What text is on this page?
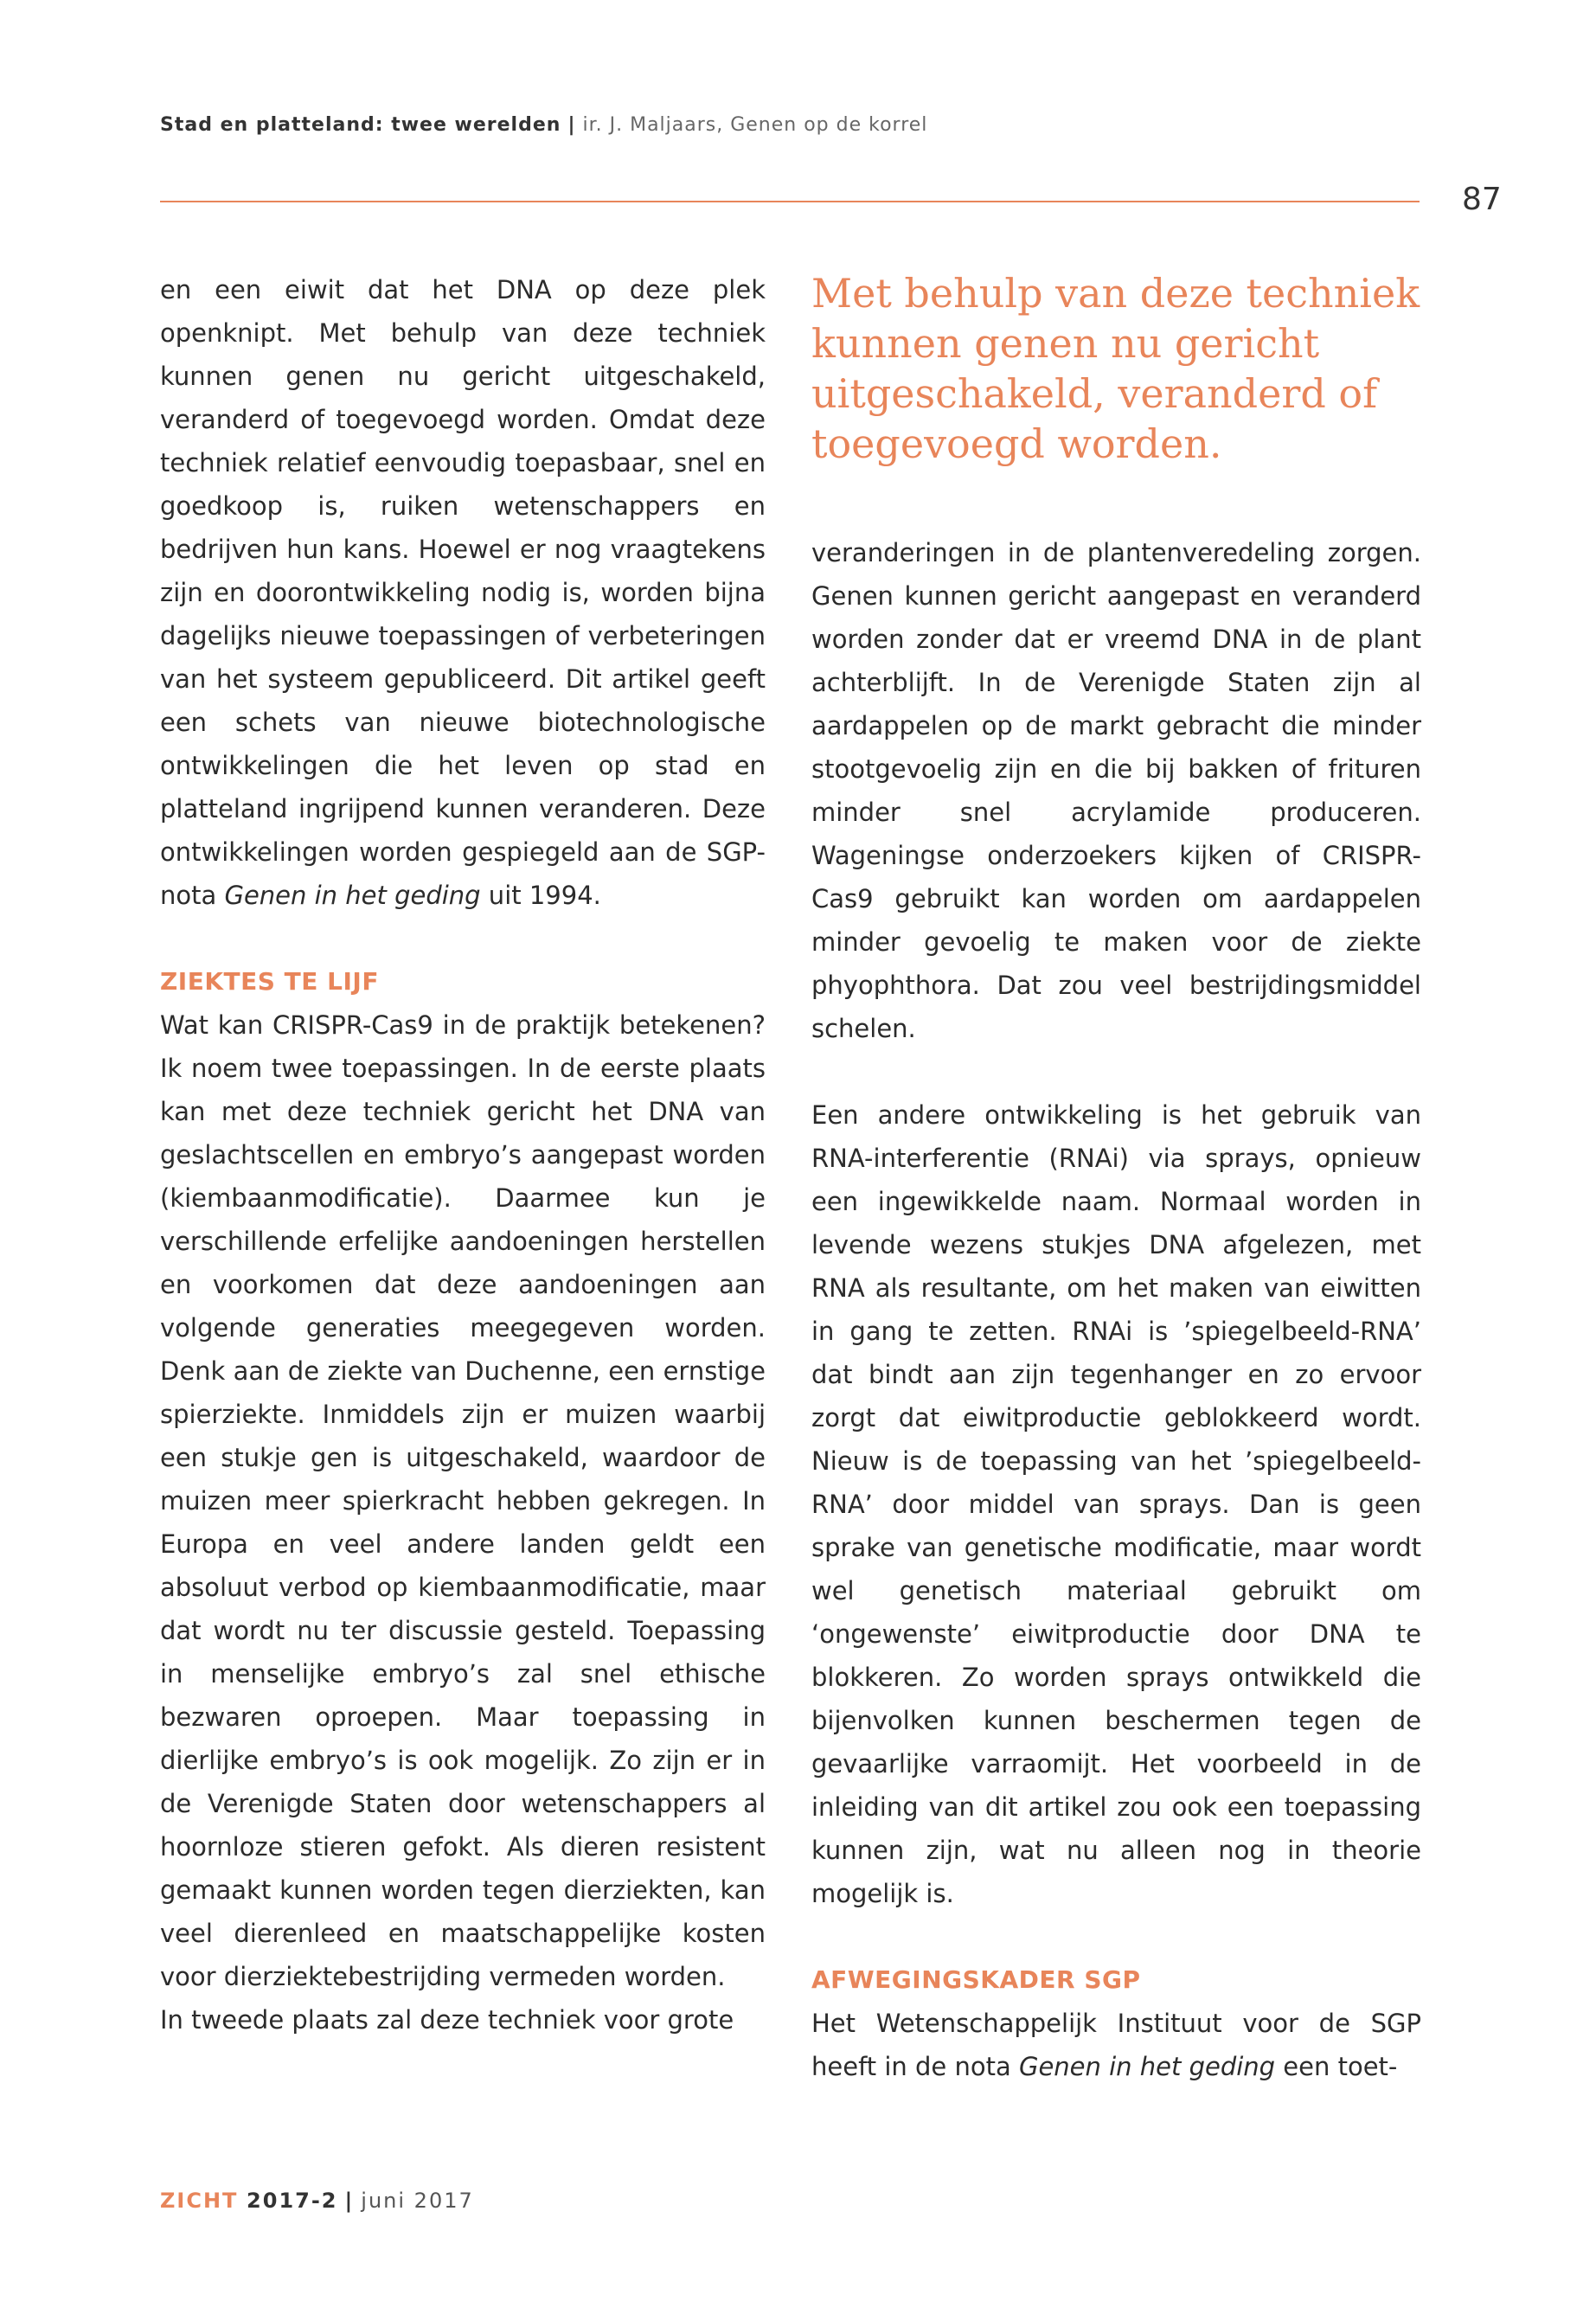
Stad en platteland: twee werelden | ir. J. Maljaars, Genen op de korrel
87

en een eiwit dat het DNA op deze plek openknipt. Met behulp van deze techniek kunnen genen nu gericht uitgeschakeld, veranderd of toegevoegd worden. Omdat deze techniek relatief eenvoudig toepasbaar, snel en goedkoop is, ruiken wetenschappers en bedrijven hun kans. Hoewel er nog vraagtekens zijn en doorontwikkeling nodig is, worden bijna dagelijks nieuwe toepassingen of verbeteringen van het systeem gepubliceerd. Dit artikel geeft een schets van nieuwe biotechnologische ontwikkelingen die het leven op stad en platteland ingrijpend kunnen veranderen. Deze ontwikkelingen worden gespiegeld aan de SGP-nota Genen in het geding uit 1994.

ZIEKTES TE LIJF

Wat kan CRISPR-Cas9 in de praktijk betekenen? Ik noem twee toepassingen. In de eerste plaats kan met deze techniek gericht het DNA van geslachtscellen en embryo’s aangepast worden (kiembaanmodificatie). Daarmee kun je verschillende erfelijke aandoeningen herstellen en voorkomen dat deze aandoeningen aan volgende generaties meegegeven worden. Denk aan de ziekte van Duchenne, een ernstige spierziekte. Inmiddels zijn er muizen waarbij een stukje gen is uitgeschakeld, waardoor de muizen meer spierkracht hebben gekregen. In Europa en veel andere landen geldt een absoluut verbod op kiembaanmodificatie, maar dat wordt nu ter discussie gesteld. Toepassing in menselijke embryo’s zal snel ethische bezwaren oproepen. Maar toepassing in dierlijke embryo’s is ook mogelijk. Zo zijn er in de Verenigde Staten door wetenschappers al hoornloze stieren gefokt. Als dieren resistent gemaakt kunnen worden tegen dierziekten, kan veel dierenleed en maatschappelijke kosten voor dierziektebestrijding vermeden worden.

In tweede plaats zal deze techniek voor grote

Met behulp van deze techniek kunnen genen nu gericht uitgeschakeld, veranderd of toegevoegd worden.

veranderingen in de plantenveredeling zorgen. Genen kunnen gericht aangepast en veranderd worden zonder dat er vreemd DNA in de plant achterblijft. In de Verenigde Staten zijn al aardappelen op de markt gebracht die minder stootgevoelig zijn en die bij bakken of frituren minder snel acrylamide produceren. Wageningse onderzoekers kijken of CRISPR-Cas9 gebruikt kan worden om aardappelen minder gevoelig te maken voor de ziekte phyophthora. Dat zou veel bestrijdingsmiddel schelen.

Een andere ontwikkeling is het gebruik van RNA-interferentie (RNAi) via sprays, opnieuw een ingewikkelde naam. Normaal worden in levende wezens stukjes DNA afgelezen, met RNA als resultante, om het maken van eiwitten in gang te zetten. RNAi is ’spiegelbeeld-RNA’ dat bindt aan zijn tegenhanger en zo ervoor zorgt dat eiwitproductie geblokkeerd wordt. Nieuw is de toepassing van het ’spiegelbeeld-RNA’ door middel van sprays. Dan is geen sprake van genetische modificatie, maar wordt wel genetisch materiaal gebruikt om ‘ongewenste’ eiwitproductie door DNA te blokkeren. Zo worden sprays ontwikkeld die bijenvolken kunnen beschermen tegen de gevaarlijke varraomijt. Het voorbeeld in de inleiding van dit artikel zou ook een toepassing kunnen zijn, wat nu alleen nog in theorie mogelijk is.

AFWEGINGSKADER SGP

Het Wetenschappelijk Instituut voor de SGP heeft in de nota Genen in het geding een toet-

ZICHT 2017-2 | juni 2017
